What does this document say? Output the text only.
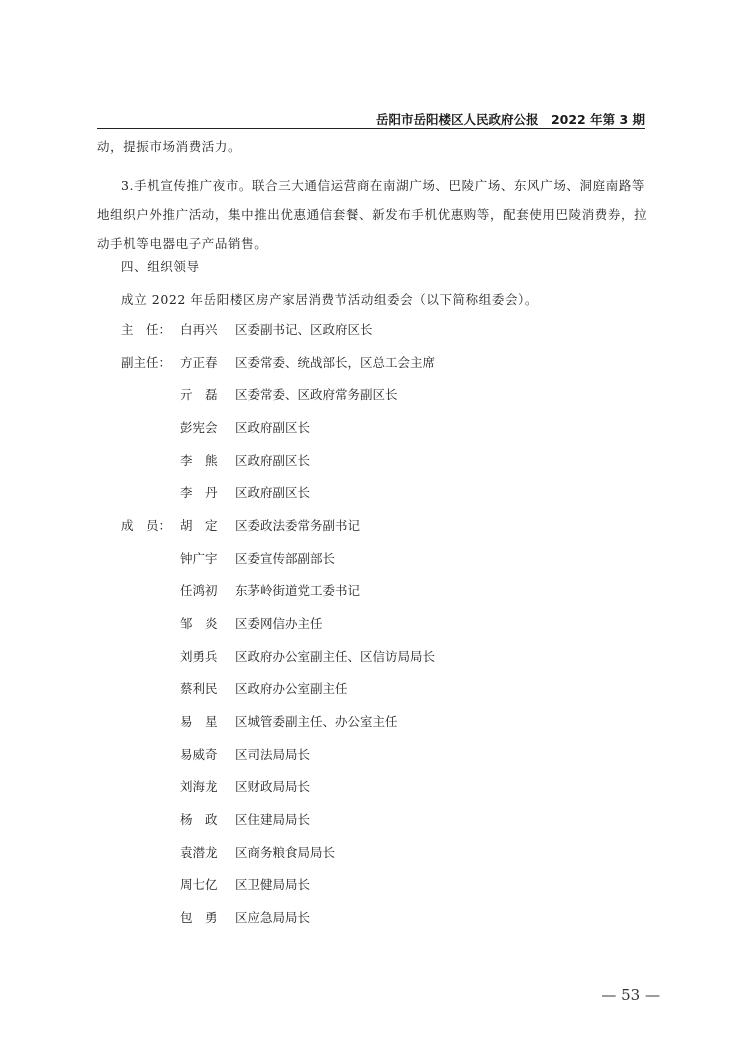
岳阳市岳阳楼区人民政府公报　2022 年第 3 期

动，提振市场消费活力。

3.手机宣传推广夜市。联合三大通信运营商在南湖广场、巴陵广场、东风广场、洞庭南路等地组织户外推广活动，集中推出优惠通信套餐、新发布手机优惠购等，配套使用巴陵消费券，拉动手机等电器电子产品销售。

四、组织领导

成立 2022 年岳阳楼区房产家居消费节活动组委会（以下简称组委会）。

主　任： 白再兴	区委副书记、区政府区长
副主任： 方正春	区委常委、统战部长，区总工会主席
亓　磊	区委常委、区政府常务副区长
彭宪会	区政府副区长
李　熊	区政府副区长
李　丹	区政府副区长
成　员： 胡　定	区委政法委常务副书记
钟广宇	区委宣传部副部长
任鸿初	东茅岭街道党工委书记
邹　炎	区委网信办主任
刘勇兵	区政府办公室副主任、区信访局局长
蔡利民	区政府办公室副主任
易　星	区城管委副主任、办公室主任
易威奇	区司法局局长
刘海龙	区财政局局长
杨　政	区住建局局长
袁潜龙	区商务粮食局局长
周七亿	区卫健局局长
包　勇	区应急局局长
— 53 —
